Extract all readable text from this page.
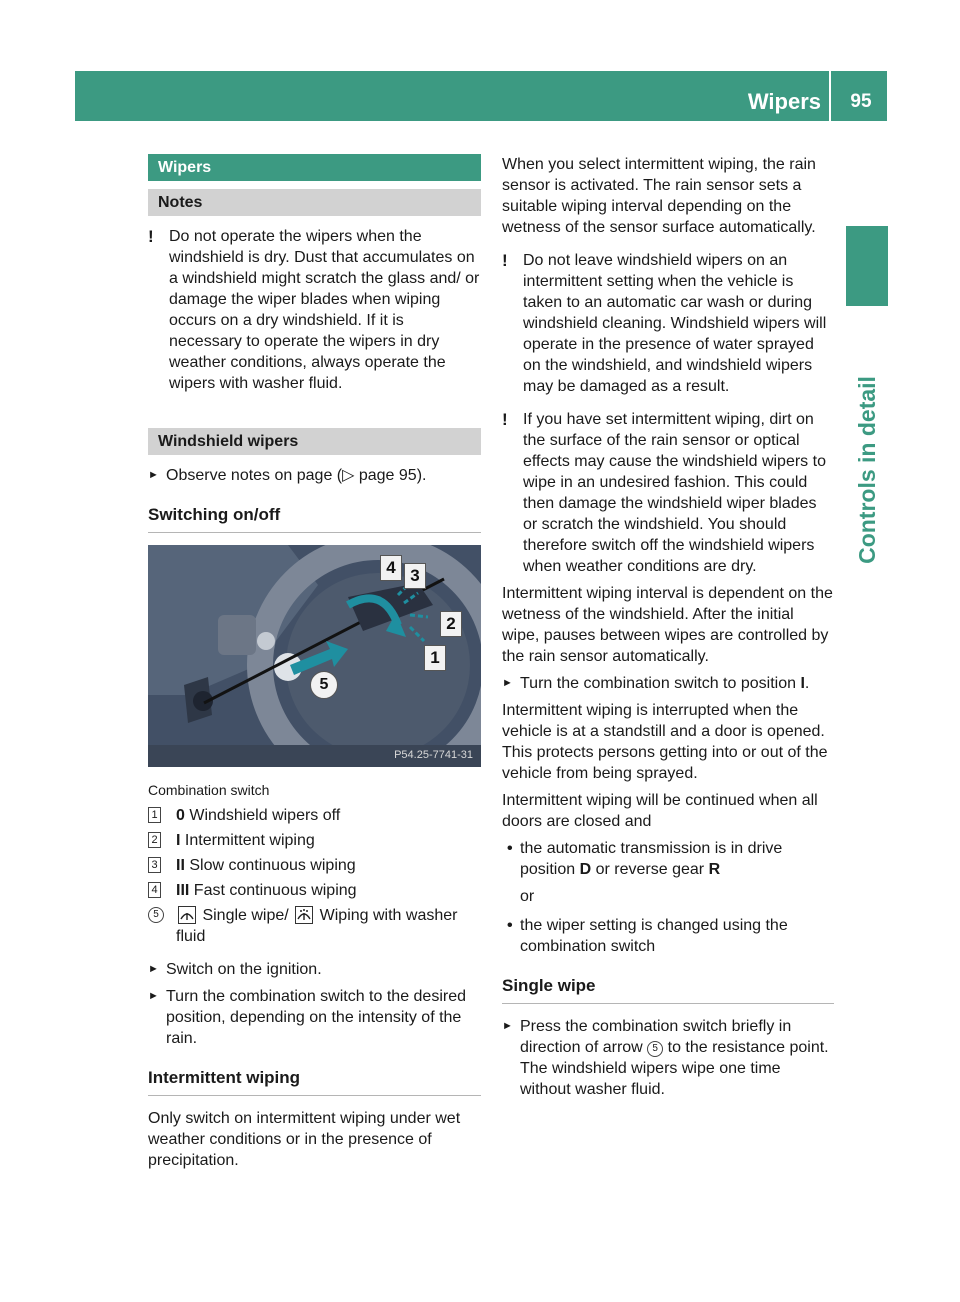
Wipers	95
Controls in detail
Wipers
Notes

! Do not operate the wipers when the windshield is dry. Dust that accumulates on a windshield might scratch the glass and/ or damage the wiper blades when wiping occurs on a dry windshield. If it is necessary to operate the wipers in dry weather conditions, always operate the wipers with washer fluid.

Windshield wipers

► Observe notes on page (▷ page 95).

Switching on/off
4 3
2
1
5
P54.25-7741-31

Combination switch

1 0 Windshield wipers off
2 I Intermittent wiping
3 II Slow continuous wiping
4 III Fast continuous wiping
5	Single wipe/ Wiping with washer fluid

► Switch on the ignition.

► Turn the combination switch to the desired position, depending on the intensity of the rain.

Intermittent wiping

Only switch on intermittent wiping under wet weather conditions or in the presence of precipitation.

When you select intermittent wiping, the rain sensor is activated. The rain sensor sets a suitable wiping interval depending on the wetness of the sensor surface automatically.

! Do not leave windshield wipers on an intermittent setting when the vehicle is taken to an automatic car wash or during windshield cleaning. Windshield wipers will operate in the presence of water sprayed on the windshield, and windshield wipers may be damaged as a result.

! If you have set intermittent wiping, dirt on the surface of the rain sensor or optical effects may cause the windshield wipers to wipe in an undesired fashion. This could then damage the windshield wiper blades or scratch the windshield. You should therefore switch off the windshield wipers when weather conditions are dry.

Intermittent wiping interval is dependent on the wetness of the windshield. After the initial wipe, pauses between wipes are controlled by the rain sensor automatically.

► Turn the combination switch to position I.

Intermittent wiping is interrupted when the vehicle is at a standstill and a door is opened. This protects persons getting into or out of the vehicle from being sprayed.

Intermittent wiping will be continued when all doors are closed and

• the automatic transmission is in drive position D or reverse gear R

or

• the wiper setting is changed using the combination switch

Single wipe

► Press the combination switch briefly in direction of arrow 5 to the resistance point.
The windshield wipers wipe one time without washer fluid.
